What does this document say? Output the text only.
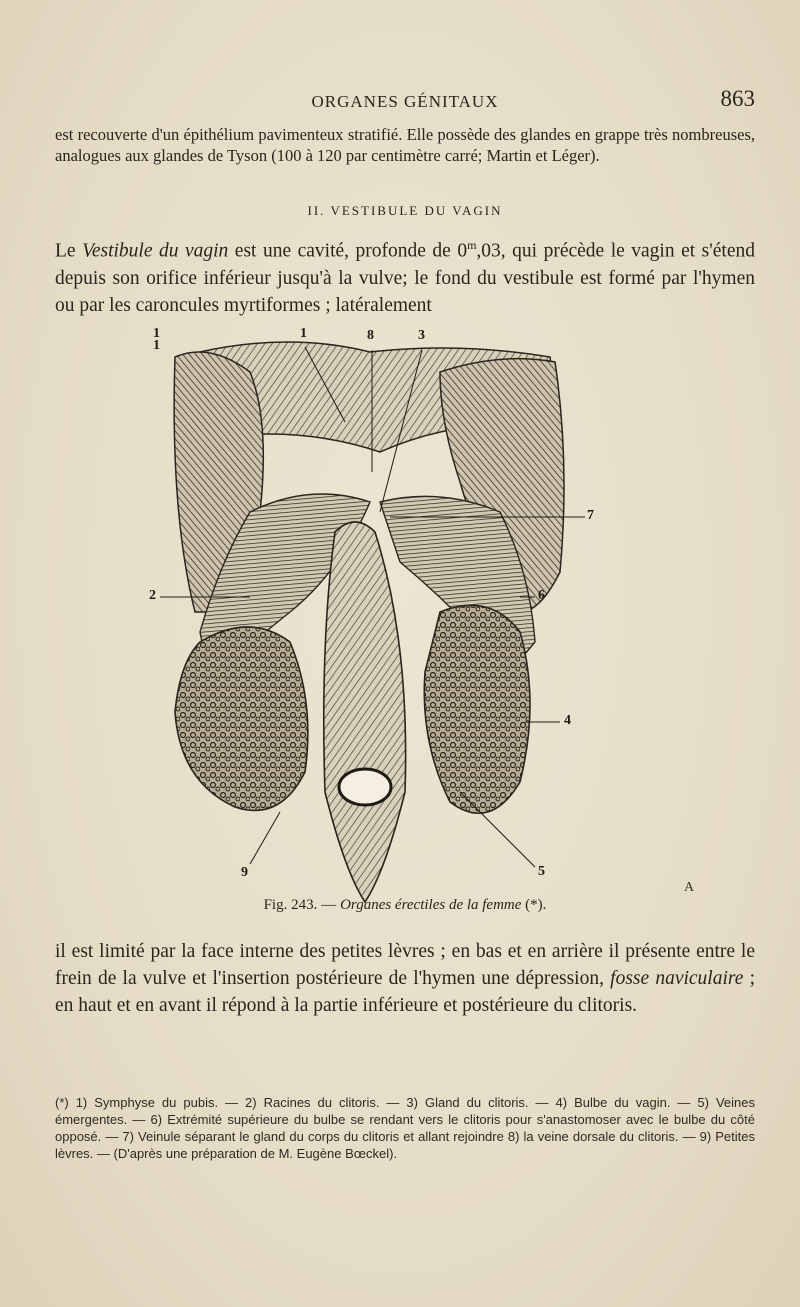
ORGANES GÉNITAUX	863

est recouverte d'un épithélium pavimenteux stratifié. Elle possède des glandes en grappe très nombreuses, analogues aux glandes de Tyson (100 à 120 par centimètre carré; Martin et Léger).

II. VESTIBULE DU VAGIN

Le Vestibule du vagin est une cavité, profonde de 0$^m$,03, qui précède le vagin et s'étend depuis son orifice inférieur jusqu'à la vulve; le fond du vestibule est formé par l'hymen ou par les caroncules myrtiformes ; latéralement

1
1
1	8	3
7
2	6
4
9	5
A
Fig. 243. — Organes érectiles de la femme (*).

il est limité par la face interne des petites lèvres ; en bas et en arrière il présente entre le frein de la vulve et l'insertion postérieure de l'hymen une dépression, fosse naviculaire ; en haut et en avant il répond à la partie inférieure et postérieure du clitoris.

(*) 1) Symphyse du pubis. — 2) Racines du clitoris. — 3) Gland du clitoris. — 4) Bulbe du vagin. — 5) Veines émergentes. — 6) Extrémité supérieure du bulbe se rendant vers le clitoris pour s'anastomoser avec le bulbe du côté opposé. — 7) Veinule séparant le gland du corps du clitoris et allant rejoindre 8) la veine dorsale du clitoris. — 9) Petites lèvres. — (D'après une préparation de M. Eugène Bœckel).
